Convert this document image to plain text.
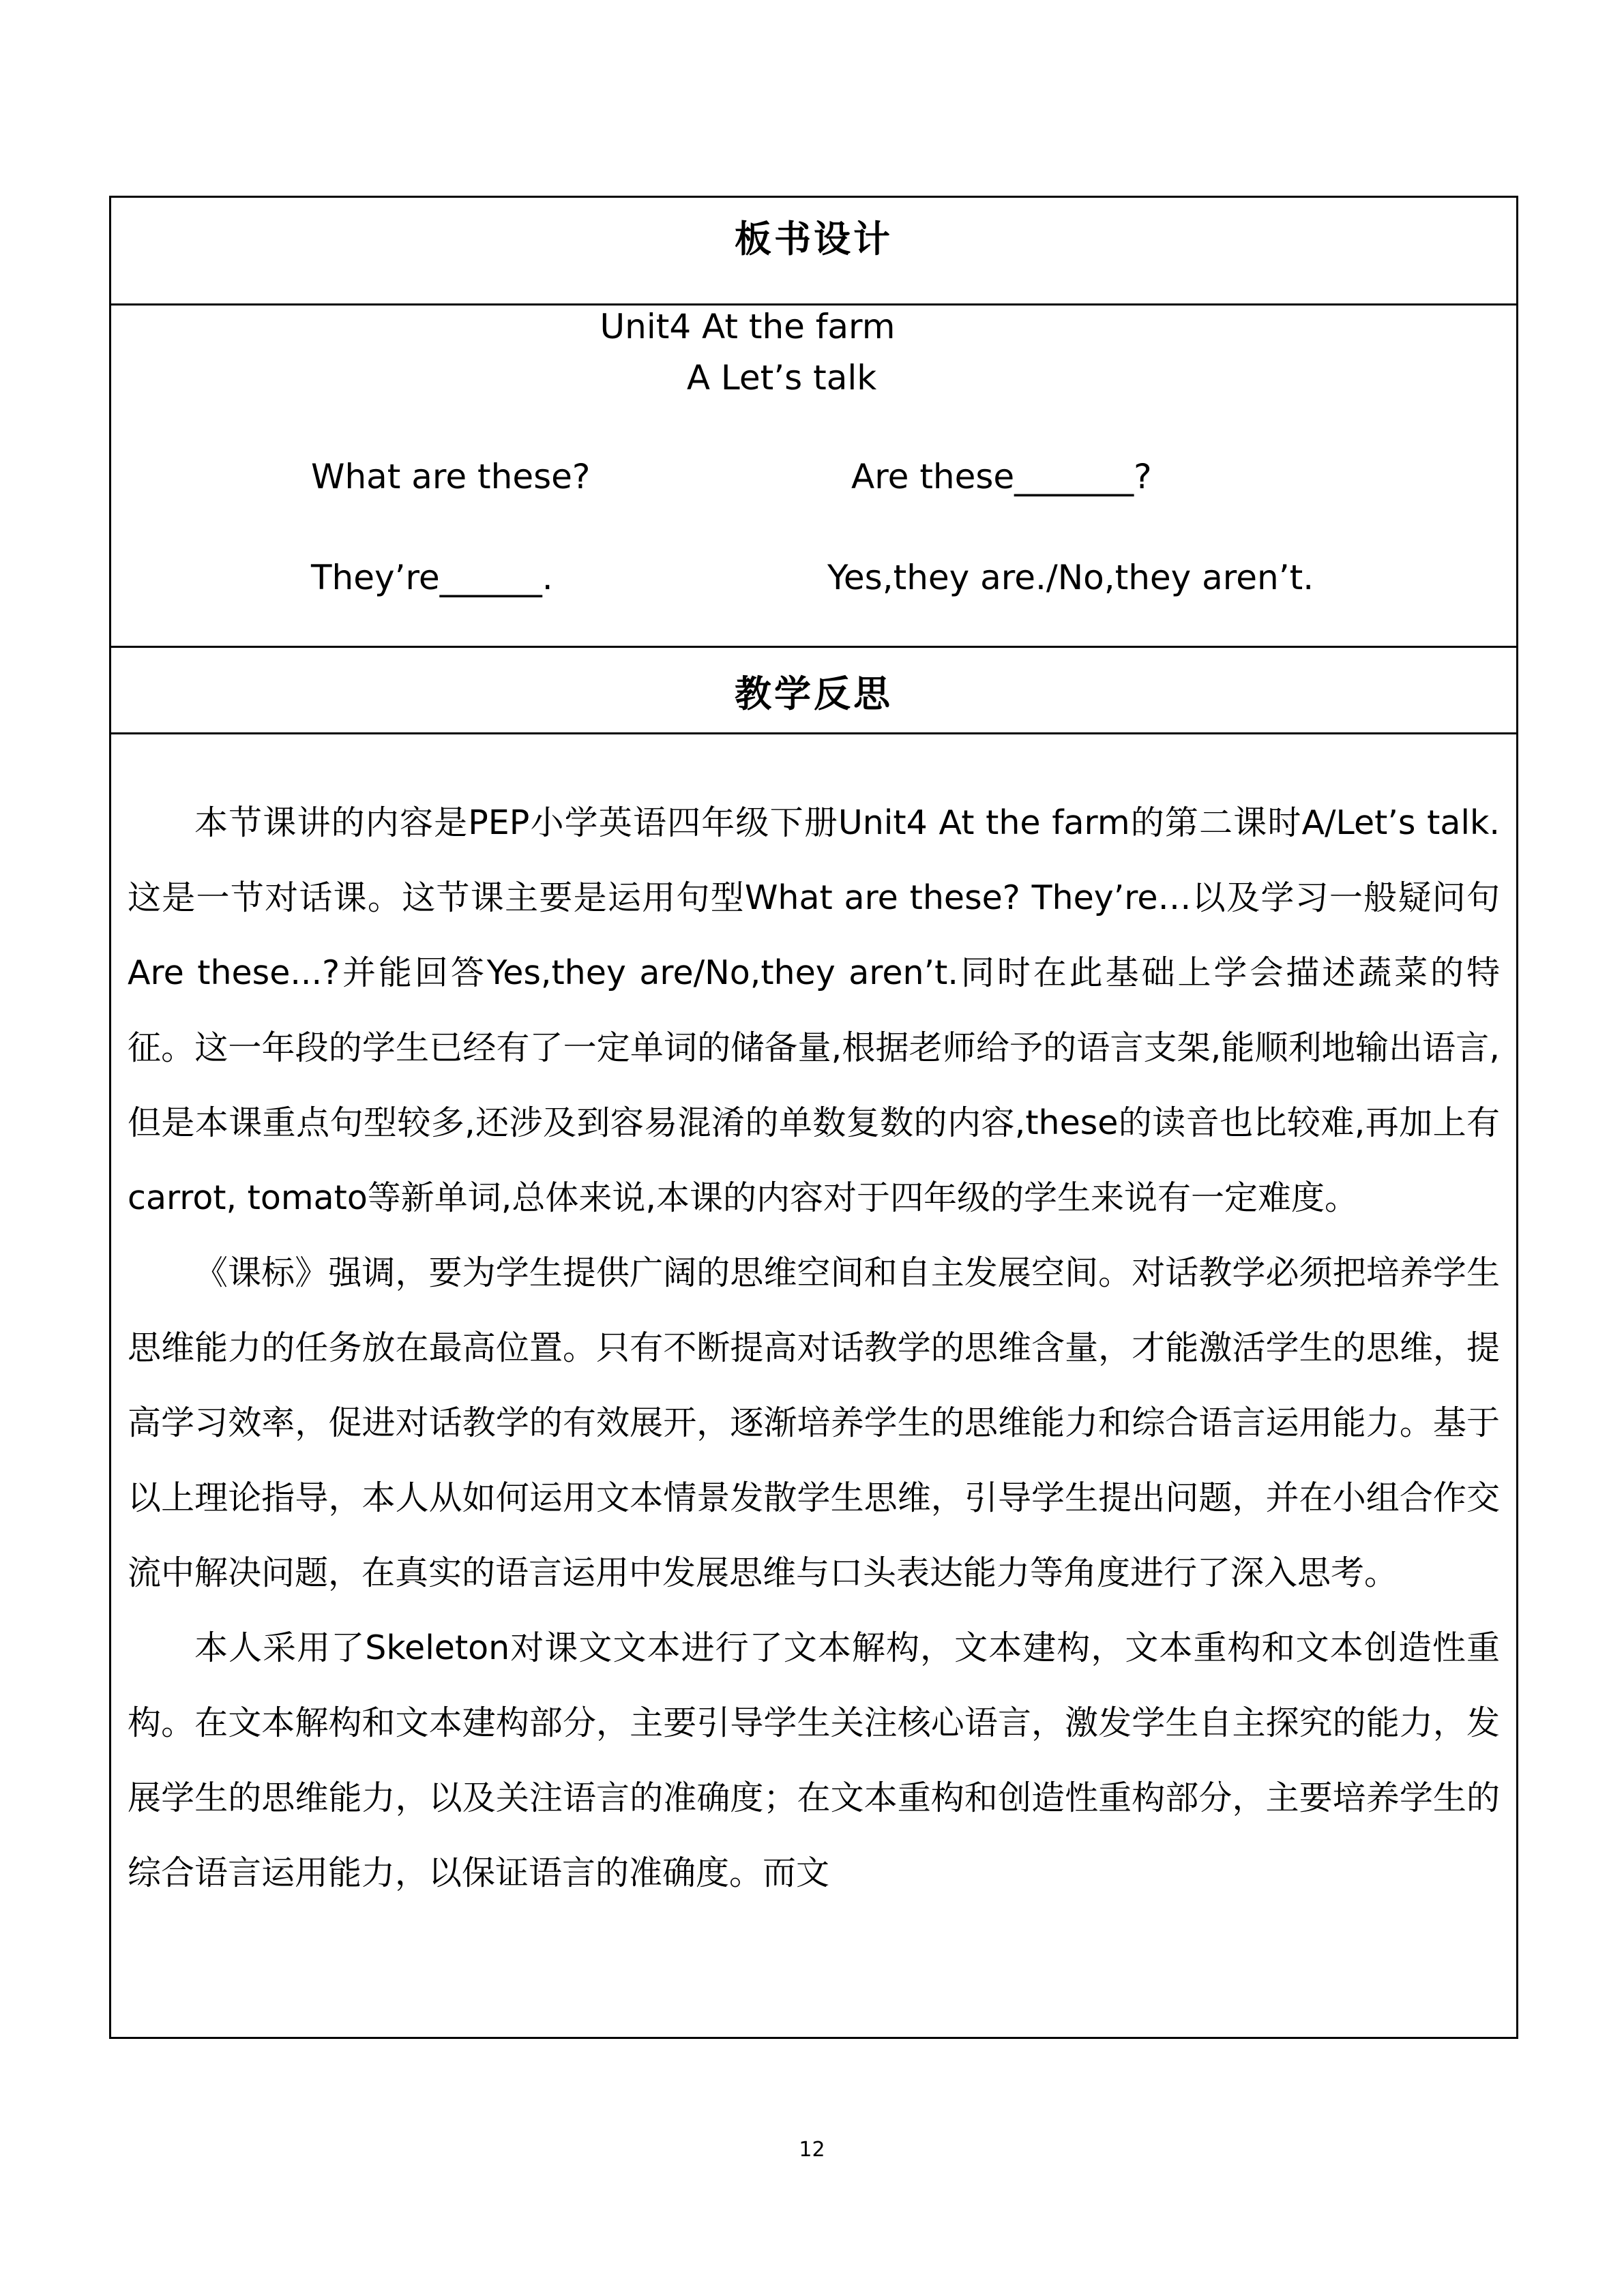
板书设计
Unit4 At the farm
A Let’s talk
What are these?	Are these_______?
They’re______.	Yes,they are./No,they aren’t.
教学反思

本节课讲的内容是PEP小学英语四年级下册Unit4 At the farm的第二课时A/Let’s talk.这是一节对话课。这节课主要是运用句型What are these? They’re…以及学习一般疑问句Are these...?并能回答Yes,they are/No,they aren’t.同时在此基础上学会描述蔬菜的特征。这一年段的学生已经有了一定单词的储备量,根据老师给予的语言支架,能顺利地输出语言,但是本课重点句型较多,还涉及到容易混淆的单数复数的内容,these的读音也比较难,再加上有carrot, tomato等新单词,总体来说,本课的内容对于四年级的学生来说有一定难度。

《课标》强调，要为学生提供广阔的思维空间和自主发展空间。对话教学必须把培养学生思维能力的任务放在最高位置。只有不断提高对话教学的思维含量，才能激活学生的思维，提高学习效率，促进对话教学的有效展开，逐渐培养学生的思维能力和综合语言运用能力。基于以上理论指导，本人从如何运用文本情景发散学生思维，引导学生提出问题，并在小组合作交流中解决问题，在真实的语言运用中发展思维与口头表达能力等角度进行了深入思考。

本人采用了Skeleton对课文文本进行了文本解构，文本建构，文本重构和文本创造性重构。在文本解构和文本建构部分，主要引导学生关注核心语言，激发学生自主探究的能力，发展学生的思维能力，以及关注语言的准确度；在文本重构和创造性重构部分，主要培养学生的综合语言运用能力，以保证语言的准确度。而文

12
